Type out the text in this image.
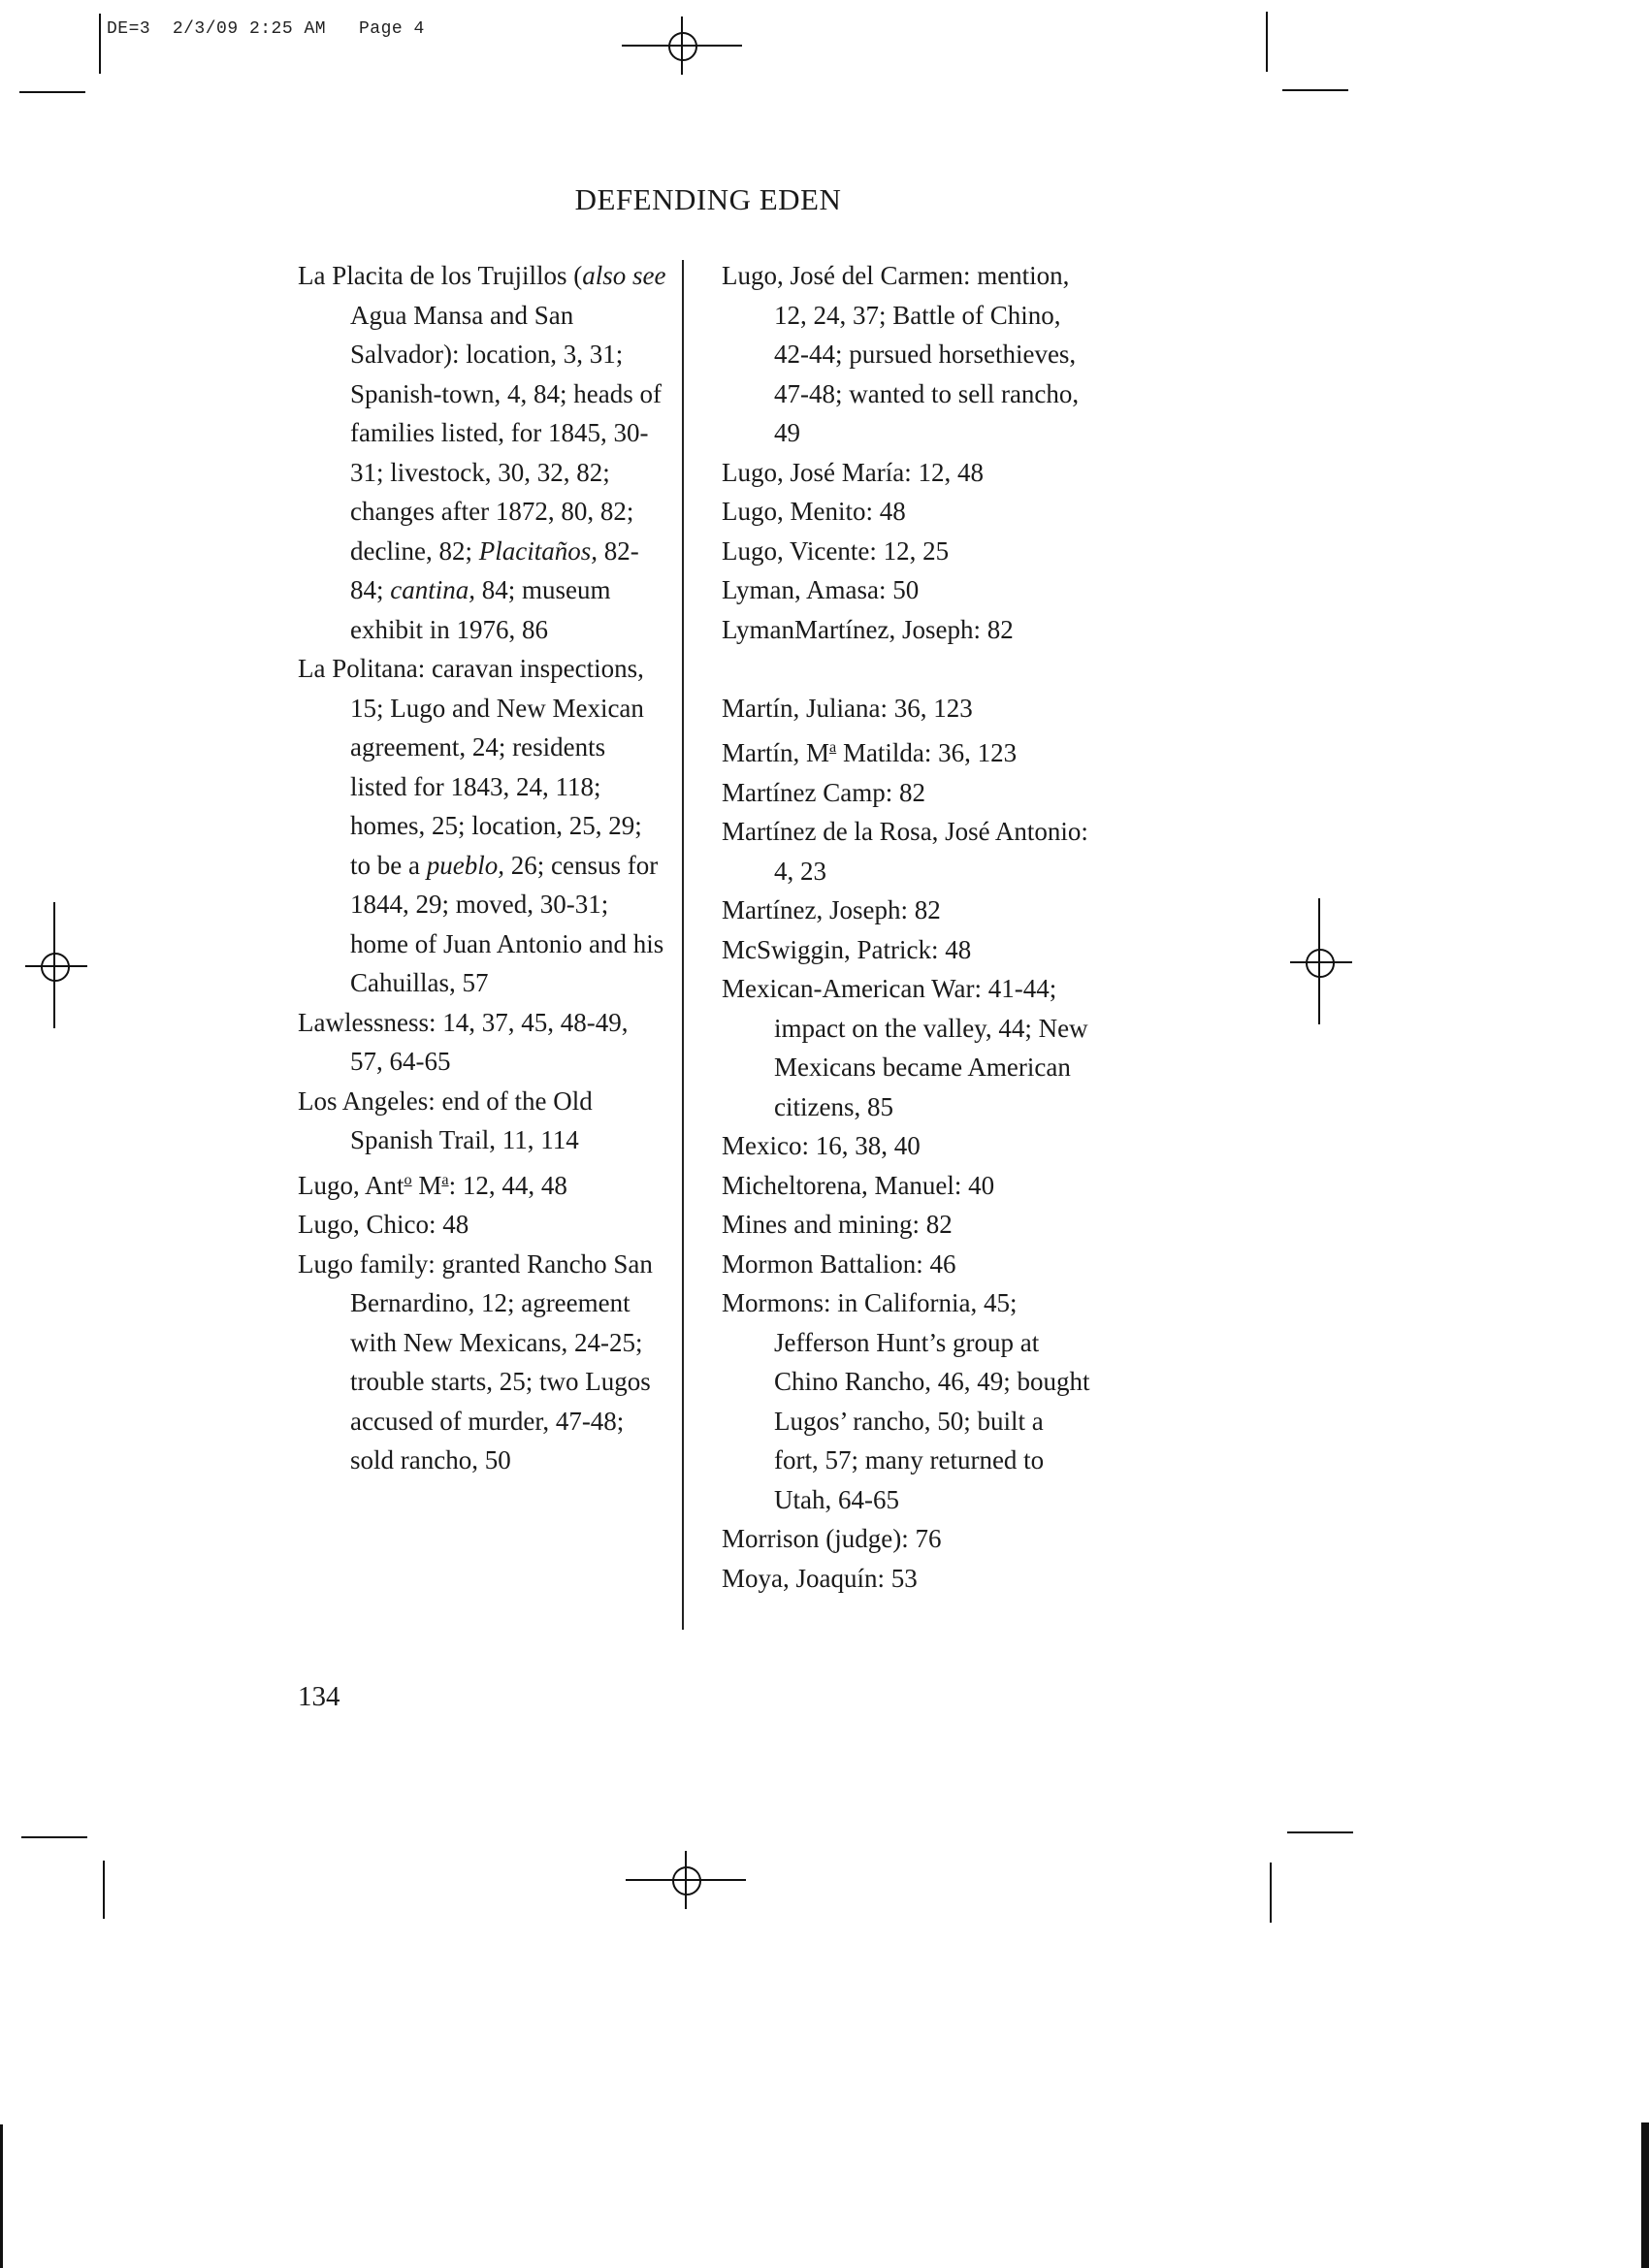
DE=3 2/3/09 2:25 AM Page 4
DEFENDING EDEN
La Placita de los Trujillos (also see Agua Mansa and San Salvador): location, 3, 31; Spanish-town, 4, 84; heads of families listed, for 1845, 30-31; livestock, 30, 32, 82; changes after 1872, 80, 82; decline, 82; Placitaños, 82-84; cantina, 84; museum exhibit in 1976, 86
La Politana: caravan inspections, 15; Lugo and New Mexican agreement, 24; residents listed for 1843, 24, 118; homes, 25; location, 25, 29; to be a pueblo, 26; census for 1844, 29; moved, 30-31; home of Juan Antonio and his Cahuillas, 57
Lawlessness: 14, 37, 45, 48-49, 57, 64-65
Los Angeles: end of the Old Spanish Trail, 11, 114
Lugo, Ant$^o$ $M^a$: 12, 44, 48
Lugo, Chico: 48
Lugo family: granted Rancho San Bernardino, 12; agreement with New Mexicans, 24-25; trouble starts, 25; two Lugos accused of murder, 47-48; sold rancho, 50
Lugo, José del Carmen: mention, 12, 24, 37; Battle of Chino, 42-44; pursued horsethieves, 47-48; wanted to sell rancho, 49
Lugo, José María: 12, 48
Lugo, Menito: 48
Lugo, Vicente: 12, 25
Lyman, Amasa: 50
LymanMartínez, Joseph: 82
Martín, Juliana: 36, 123
Martín, $M^a$ Matilda: 36, 123
Martínez Camp: 82
Martínez de la Rosa, José Antonio: 4, 23
Martínez, Joseph: 82
McSwiggin, Patrick: 48
Mexican-American War: 41-44; impact on the valley, 44; New Mexicans became American citizens, 85
Mexico: 16, 38, 40
Micheltorena, Manuel: 40
Mines and mining: 82
Mormon Battalion: 46
Mormons: in California, 45; Jefferson Hunt’s group at Chino Rancho, 46, 49; bought Lugos’ rancho, 50; built a fort, 57; many returned to Utah, 64-65
Morrison (judge): 76
Moya, Joaquín: 53
134
